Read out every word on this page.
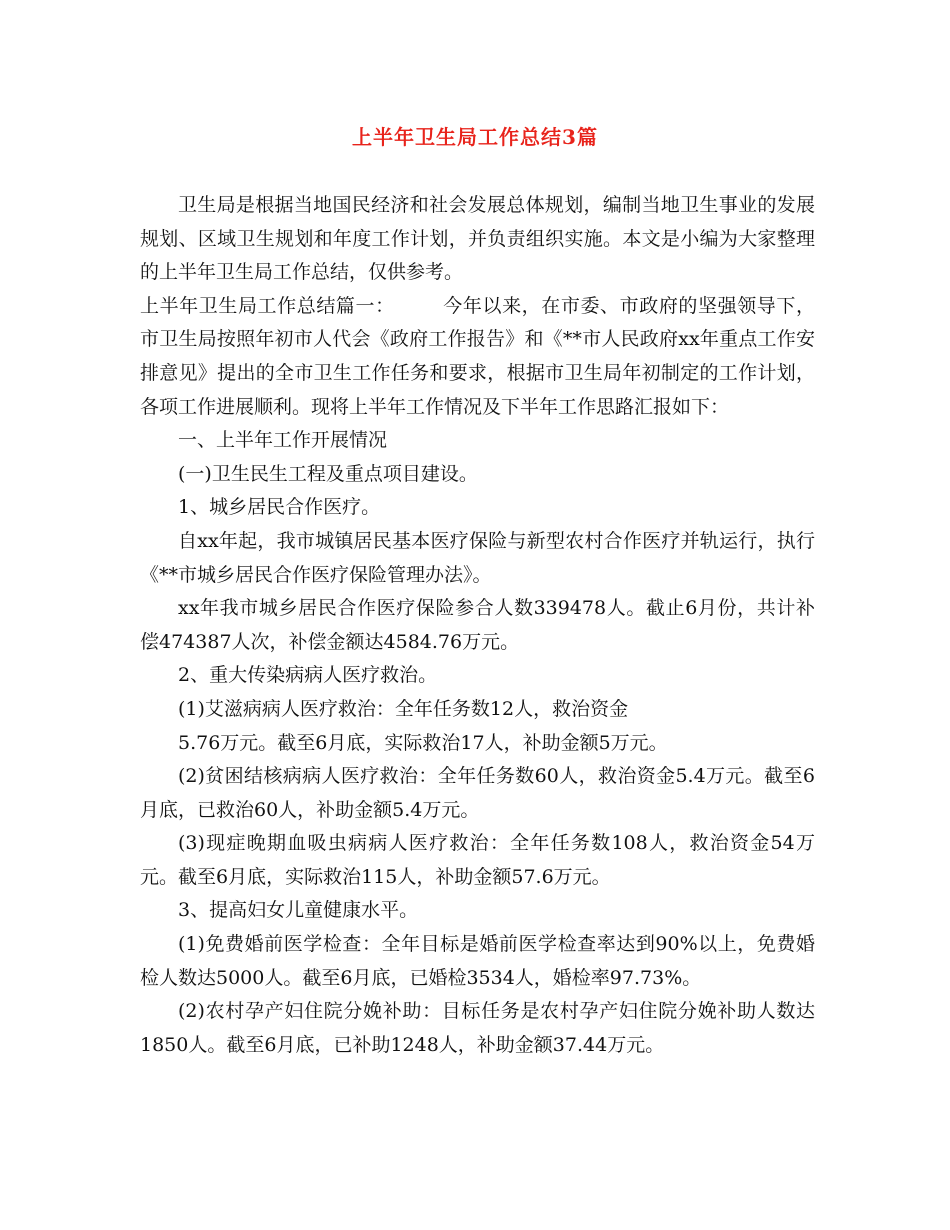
上半年卫生局工作总结3篇

卫生局是根据当地国民经济和社会发展总体规划，编制当地卫生事业的发展规划、区域卫生规划和年度工作计划，并负责组织实施。本文是小编为大家整理的上半年卫生局工作总结，仅供参考。

上半年卫生局工作总结篇一：	今年以来，在市委、市政府的坚强领导下，市卫生局按照年初市人代会《政府工作报告》和《**市人民政府xx年重点工作安排意见》提出的全市卫生工作任务和要求，根据市卫生局年初制定的工作计划，各项工作进展顺利。现将上半年工作情况及下半年工作思路汇报如下：

一、上半年工作开展情况

(一)卫生民生工程及重点项目建设。

1、城乡居民合作医疗。

自xx年起，我市城镇居民基本医疗保险与新型农村合作医疗并轨运行，执行《**市城乡居民合作医疗保险管理办法》。

xx年我市城乡居民合作医疗保险参合人数339478人。截止6月份，共计补偿474387人次，补偿金额达4584.76万元。

2、重大传染病病人医疗救治。

(1)艾滋病病人医疗救治：全年任务数12人，救治资金

5.76万元。截至6月底，实际救治17人，补助金额5万元。

(2)贫困结核病病人医疗救治：全年任务数60人，救治资金5.4万元。截至6月底，已救治60人，补助金额5.4万元。

(3)现症晚期血吸虫病病人医疗救治：全年任务数108人，救治资金54万元。截至6月底，实际救治115人，补助金额57.6万元。

3、提高妇女儿童健康水平。

(1)免费婚前医学检查：全年目标是婚前医学检查率达到90%以上，免费婚检人数达5000人。截至6月底，已婚检3534人，婚检率97.73%。

(2)农村孕产妇住院分娩补助：目标任务是农村孕产妇住院分娩补助人数达1850人。截至6月底，已补助1248人，补助金额37.44万元。
